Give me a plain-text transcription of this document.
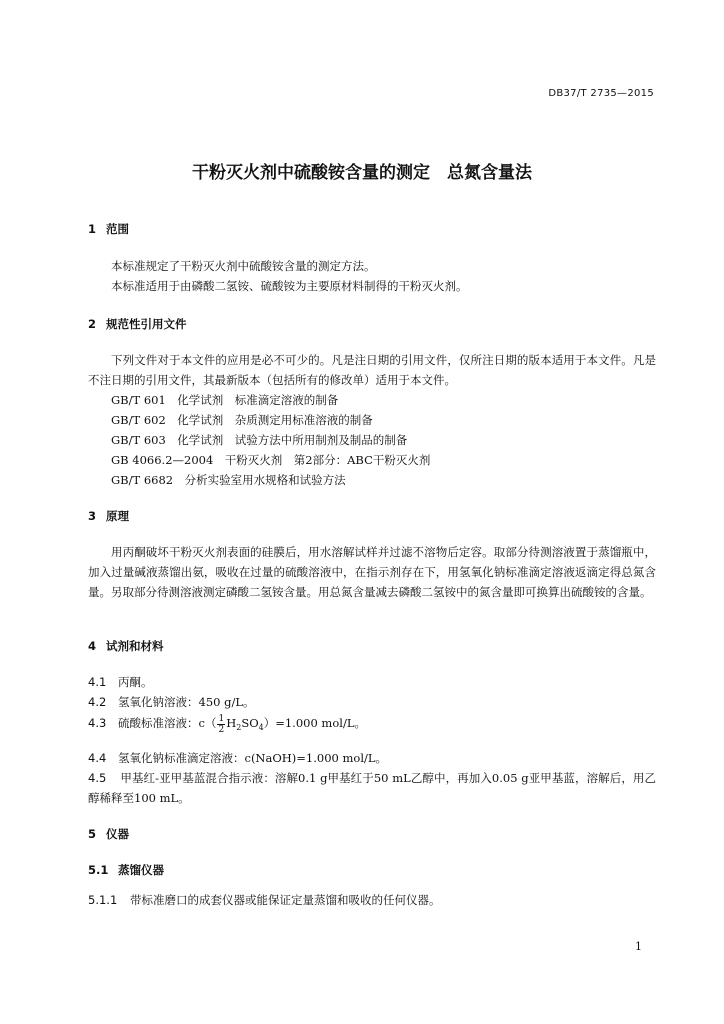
DB37/T 2735—2015
干粉灭火剂中硫酸铵含量的测定　总氮含量法
1 范围
本标准规定了干粉灭火剂中硫酸铵含量的测定方法。
本标准适用于由磷酸二氢铵、硫酸铵为主要原材料制得的干粉灭火剂。
2 规范性引用文件

下列文件对于本文件的应用是必不可少的。凡是注日期的引用文件，仅所注日期的版本适用于本文件。凡是不注日期的引用文件，其最新版本（包括所有的修改单）适用于本文件。

GB/T 601　化学试剂　标准滴定溶液的制备
GB/T 602　化学试剂　杂质测定用标准溶液的制备
GB/T 603　化学试剂　试验方法中所用制剂及制品的制备
GB 4066.2—2004　干粉灭火剂　第2部分：ABC干粉灭火剂
GB/T 6682　分析实验室用水规格和试验方法
3 原理

用丙酮破坏干粉灭火剂表面的硅膜后，用水溶解试样并过滤不溶物后定容。取部分待测溶液置于蒸馏瓶中，加入过量碱液蒸馏出氨，吸收在过量的硫酸溶液中，在指示剂存在下，用氢氧化钠标准滴定溶液返滴定得总氮含量。另取部分待测溶液测定磷酸二氢铵含量。用总氮含量减去磷酸二氢铵中的氮含量即可换算出硫酸铵的含量。

4 试剂和材料
4.1 丙酮。
4.2 氢氧化钠溶液：450 g/L。
4.3 硫酸标准溶液：$c( \frac{1}{2} H_2SO_4)=1.000$ mol/L。
4.4 氢氧化钠标准滴定溶液：c(NaOH)=1.000 mol/L。
4.5 甲基红-亚甲基蓝混合指示液：溶解0.1 g甲基红于50 mL乙醇中，再加入0.05 g亚甲基蓝，溶解后，用乙醇稀释至100 mL。
5 仪器
5.1 蒸馏仪器
5.1.1 带标准磨口的成套仪器或能保证定量蒸馏和吸收的任何仪器。
1
